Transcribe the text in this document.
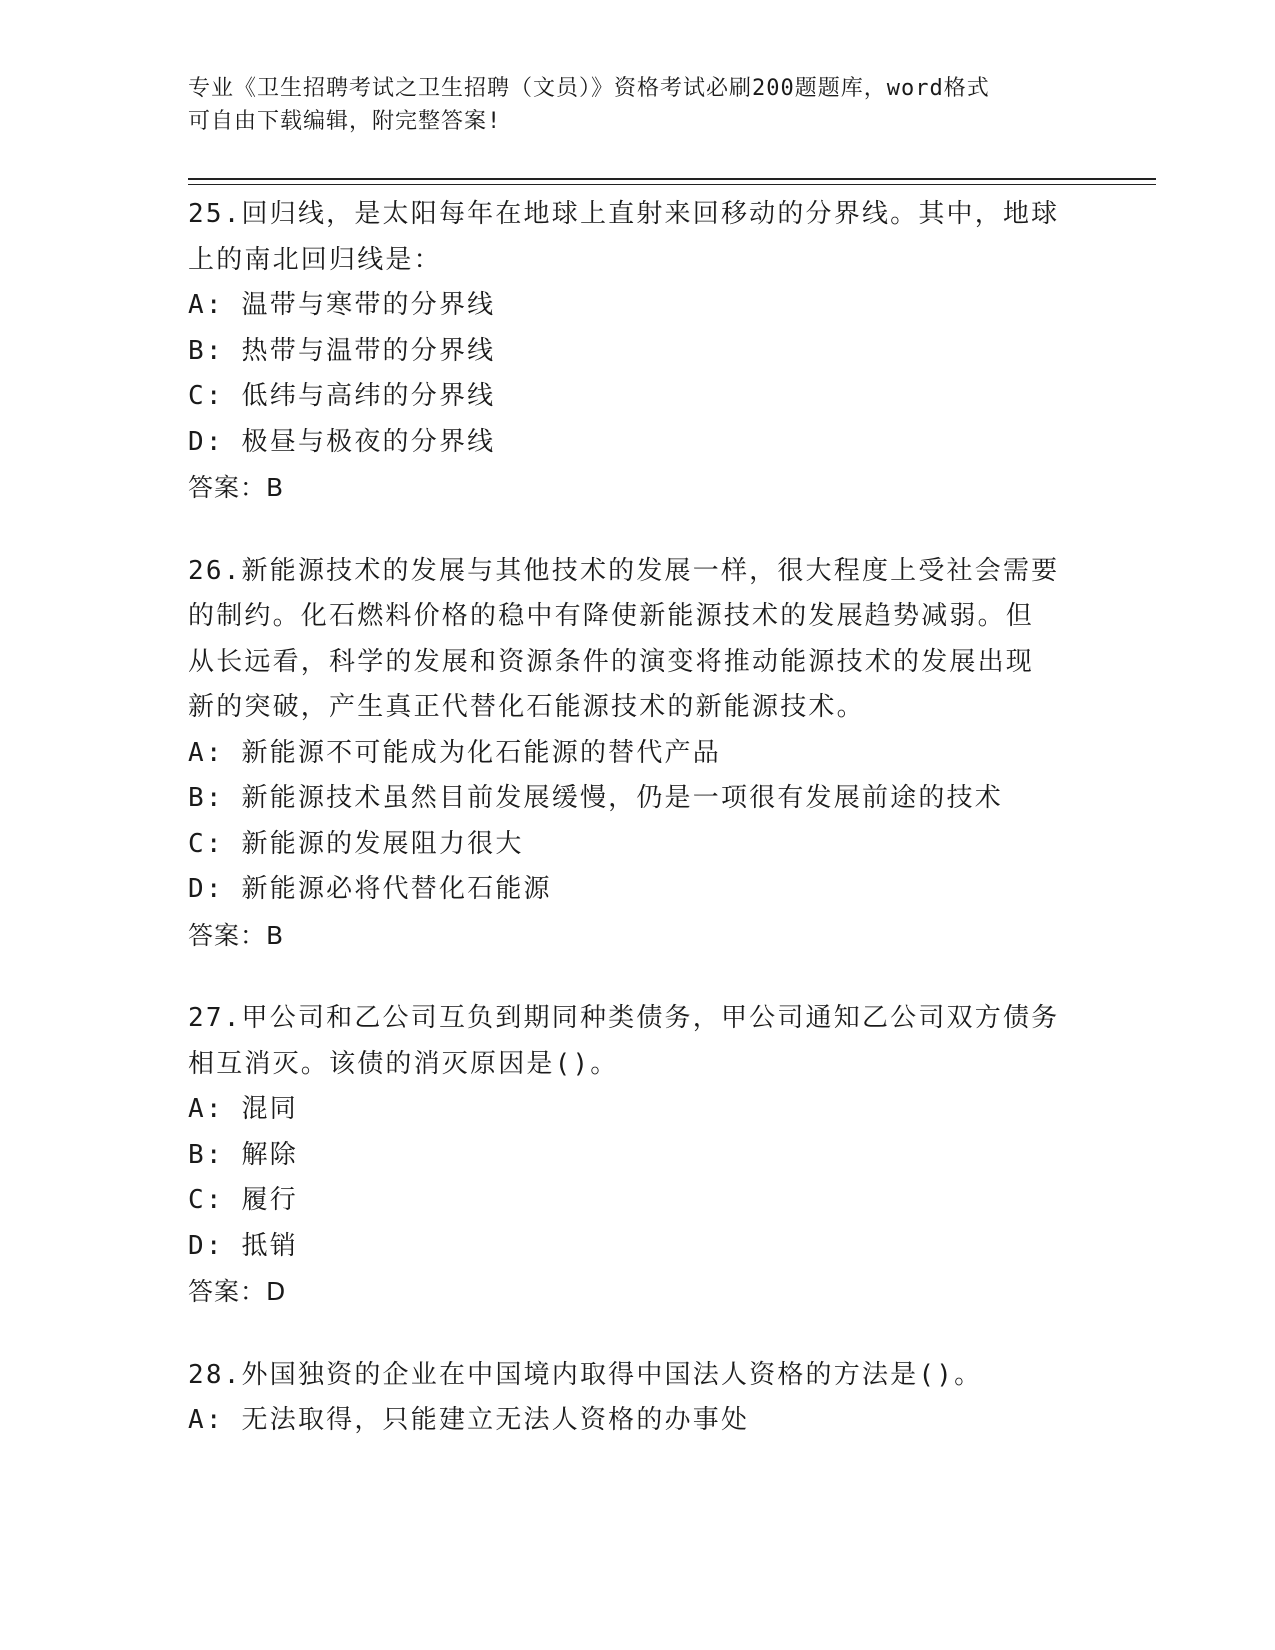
专业《卫生招聘考试之卫生招聘（文员）》资格考试必刷200题题库，word格式
可自由下载编辑，附完整答案!
25.回归线，是太阳每年在地球上直射来回移动的分界线。其中，地球
上的南北回归线是：
A: 温带与寒带的分界线
B: 热带与温带的分界线
C: 低纬与高纬的分界线
D: 极昼与极夜的分界线
答案：B
26.新能源技术的发展与其他技术的发展一样，很大程度上受社会需要
的制约。化石燃料价格的稳中有降使新能源技术的发展趋势减弱。但
从长远看，科学的发展和资源条件的演变将推动能源技术的发展出现
新的突破，产生真正代替化石能源技术的新能源技术。
A: 新能源不可能成为化石能源的替代产品
B: 新能源技术虽然目前发展缓慢，仍是一项很有发展前途的技术
C: 新能源的发展阻力很大
D: 新能源必将代替化石能源
答案：B
27.甲公司和乙公司互负到期同种类债务，甲公司通知乙公司双方债务
相互消灭。该债的消灭原因是()。
A: 混同
B: 解除
C: 履行
D: 抵销
答案：D
28.外国独资的企业在中国境内取得中国法人资格的方法是()。
A: 无法取得，只能建立无法人资格的办事处
